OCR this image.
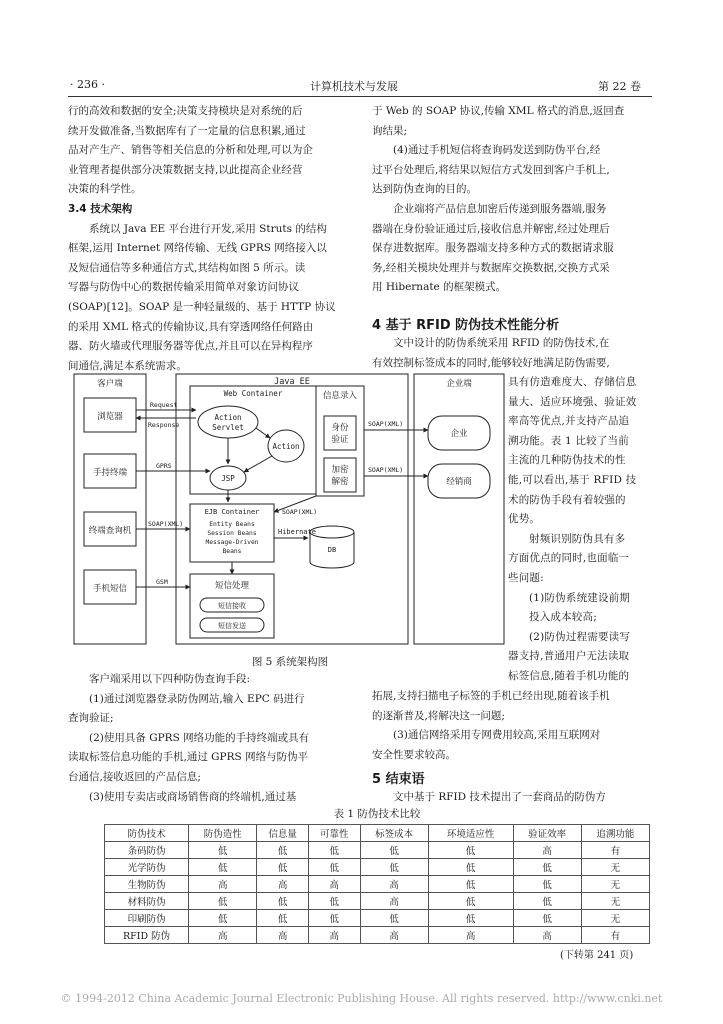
· 236 ·	计算机技术与发展	第 22 卷

行的高效和数据的安全;决策支持模块是对系统的后

续开发做准备,当数据库有了一定量的信息积累,通过

品对产生产、销售等相关信息的分析和处理,可以为企

业管理者提供部分决策数据支持,以此提高企业经营

决策的科学性。

3.4 技术架构

系统以 Java EE 平台进行开发,采用 Struts 的结构

框架,运用 Internet 网络传输、无线 GPRS 网络接入以

及短信通信等多种通信方式,其结构如图 5 所示。读

写器与防伪中心的数据传输采用简单对象访问协议

(SOAP)[12]。SOAP 是一种轻量级的、基于 HTTP 协议

的采用 XML 格式的传输协议,具有穿透网络任何路由

器、防火墙或代理服务器等优点,并且可以在异构程序

间通信,满足本系统需求。

于 Web 的 SOAP 协议,传输 XML 格式的消息,返回查

询结果;

(4)通过手机短信将查询码发送到防伪平台,经

过平台处理后,将结果以短信方式发回到客户手机上,

达到防伪查询的目的。

企业端将产品信息加密后传递到服务器端,服务

器端在身份验证通过后,接收信息并解密,经过处理后

保存进数据库。服务器端支持多种方式的数据请求服

务,经相关模块处理并与数据库交换数据,交换方式采

用 Hibernate 的框架模式。

4 基于 RFID 防伪技术性能分析

文中设计的防伪系统采用 RFID 的防伪技术,在

有效控制标签成本的同时,能够较好地满足防伪需要,

具有仿造难度大、存储信息

量大、适应环境强、验证效

率高等优点,并支持产品追

溯功能。表 1 比较了当前

主流的几种防伪技术的性

能,可以看出,基于 RFID 技

术的防伪手段有着较强的

优势。

射频识别防伪具有多

方面优点的同时,也面临一

些问题:

(1)防伪系统建设前期

投入成本较高;

(2)防伪过程需要读写

器支持,普通用户无法读取

标签信息,随着手机功能的

拓展,支持扫描电子标签的手机已经出现,随着该手机

的逐渐普及,将解决这一问题;

(3)通信网络采用专网费用较高,采用互联网对

安全性要求较高。

5 结束语

文中基于 RFID 技术提出了一套商品的防伪方

客户端
浏览器
手持终端
终端查询机
手机短信
Java EE
Web Container
Action
Servlet
JSP
Action
信息录入
身份
验证
加密
解密
企业端
企业
经销商
Request
Response
GPRS
SOAP(XML)
GSM
SOAP(XML)
SOAP(XML)
SOAP(XML)
EJB Container
Entity Beans
Session Beans
Message-Driven
Beans
Hibernate
DB
短信处理
短信接收
短信发送
图 5 系统架构图

客户端采用以下四种防伪查询手段:

(1)通过浏览器登录防伪网站,输入 EPC 码进行

查询验证;

(2)使用具备 GPRS 网络功能的手持终端或具有

读取标签信息功能的手机,通过 GPRS 网络与防伪平

台通信,接收返回的产品信息;

(3)使用专卖店或商场销售商的终端机,通过基

表 1 防伪技术比较
防伪技术	防伪造性	信息量	可靠性	标签成本	环境适应性	验证效率	追溯功能
条码防伪	低	低	低	低	低	高	有
光学防伪	低	低	低	低	低	低	无
生物防伪	高	高	高	高	低	低	无
材料防伪	低	低	低	高	低	低	无
印刷防伪	低	低	低	低	低	低	无
RFID 防伪	高	高	高	高	高	高	有
(下转第 241 页)
© 1994-2012 China Academic Journal Electronic Publishing House. All rights reserved. http://www.cnki.net
